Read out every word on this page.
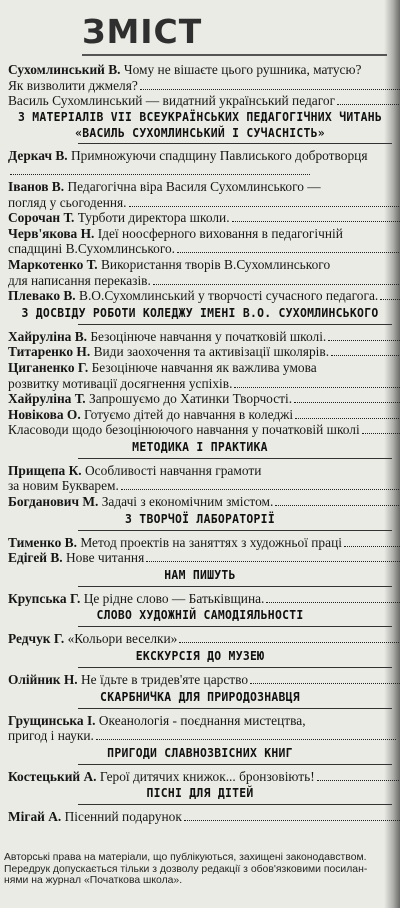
ЗМІСТ
Сухомлинський В. Чому не вішаєте цього рушника, матусю?
Як визволити джмеля?
Василь Сухомлинський — видатний український педагог
З МАТЕРІАЛІВ VII ВСЕУКРАЇНСЬКИХ ПЕДАГОГІЧНИХ ЧИТАНЬ
«ВАСИЛЬ СУХОМЛИНСЬКИЙ І СУЧАСНІСТЬ»
Деркач В. Примножуючи спадщину Павлиського добротворця
Іванов В. Педагогічна віра Василя Сухомлинського —
погляд у сьогодення.
Сорочан Т. Турботи директора школи.
Черв'якова Н. Ідеї ноосферного виховання в педагогічній
спадщині В.Сухомлинського.
Маркотенко Т. Використання творів В.Сухомлинського
для написання переказів.
Плевако В. В.О.Сухомлинський у творчості сучасного педагога.
З ДОСВІДУ РОБОТИ КОЛЕДЖУ ІМЕНІ В.О. СУХОМЛИНСЬКОГО
Хайруліна В. Безоцінюче навчання у початковій школі.
Титаренко Н. Види заохочення та активізації школярів.
Циганенко Г. Безоцінюче навчання як важлива умова
розвитку мотивації досягнення успіхів.
Хайруліна Т. Запрошуємо до Хатинки Творчості.
Новікова О. Готуємо дітей до навчання в коледжі
Класоводи щодо безоцінюючого навчання у початковій школі
МЕТОДИКА І ПРАКТИКА
Прищепа К. Особливості навчання грамоти
за новим Букварем.
Богданович М. Задачі з економічним змістом.
З ТВОРЧОЇ ЛАБОРАТОРІЇ
Тименко В. Метод проектів на заняттях з художньої праці
Едігей В. Нове читання
НАМ ПИШУТЬ
Крупська Г. Це рідне слово — Батьківщина.
СЛОВО ХУДОЖНІЙ САМОДІЯЛЬНОСТІ
Редчук Г. «Кольори веселки»
ЕКСКУРСІЯ ДО МУЗЕЮ
Олійник Н. Не їдьте в тридев'яте царство
СКАРБНИЧКА ДЛЯ ПРИРОДОЗНАВЦЯ
Грущинська І. Океанологія - поєднання мистецтва,
пригод і науки.
ПРИГОДИ СЛАВНОЗВІСНИХ КНИГ
Костецький А. Герої дитячих книжок... бронзовіють!
ПІСНІ ДЛЯ ДІТЕЙ
Мігай А. Пісенний подарунок
Авторські права на матеріали, що публікуються, захищені законодавством.
Передрук допускається тільки з дозволу редакції з обов'язковими посилан-
нями на журнал «Початкова школа».
